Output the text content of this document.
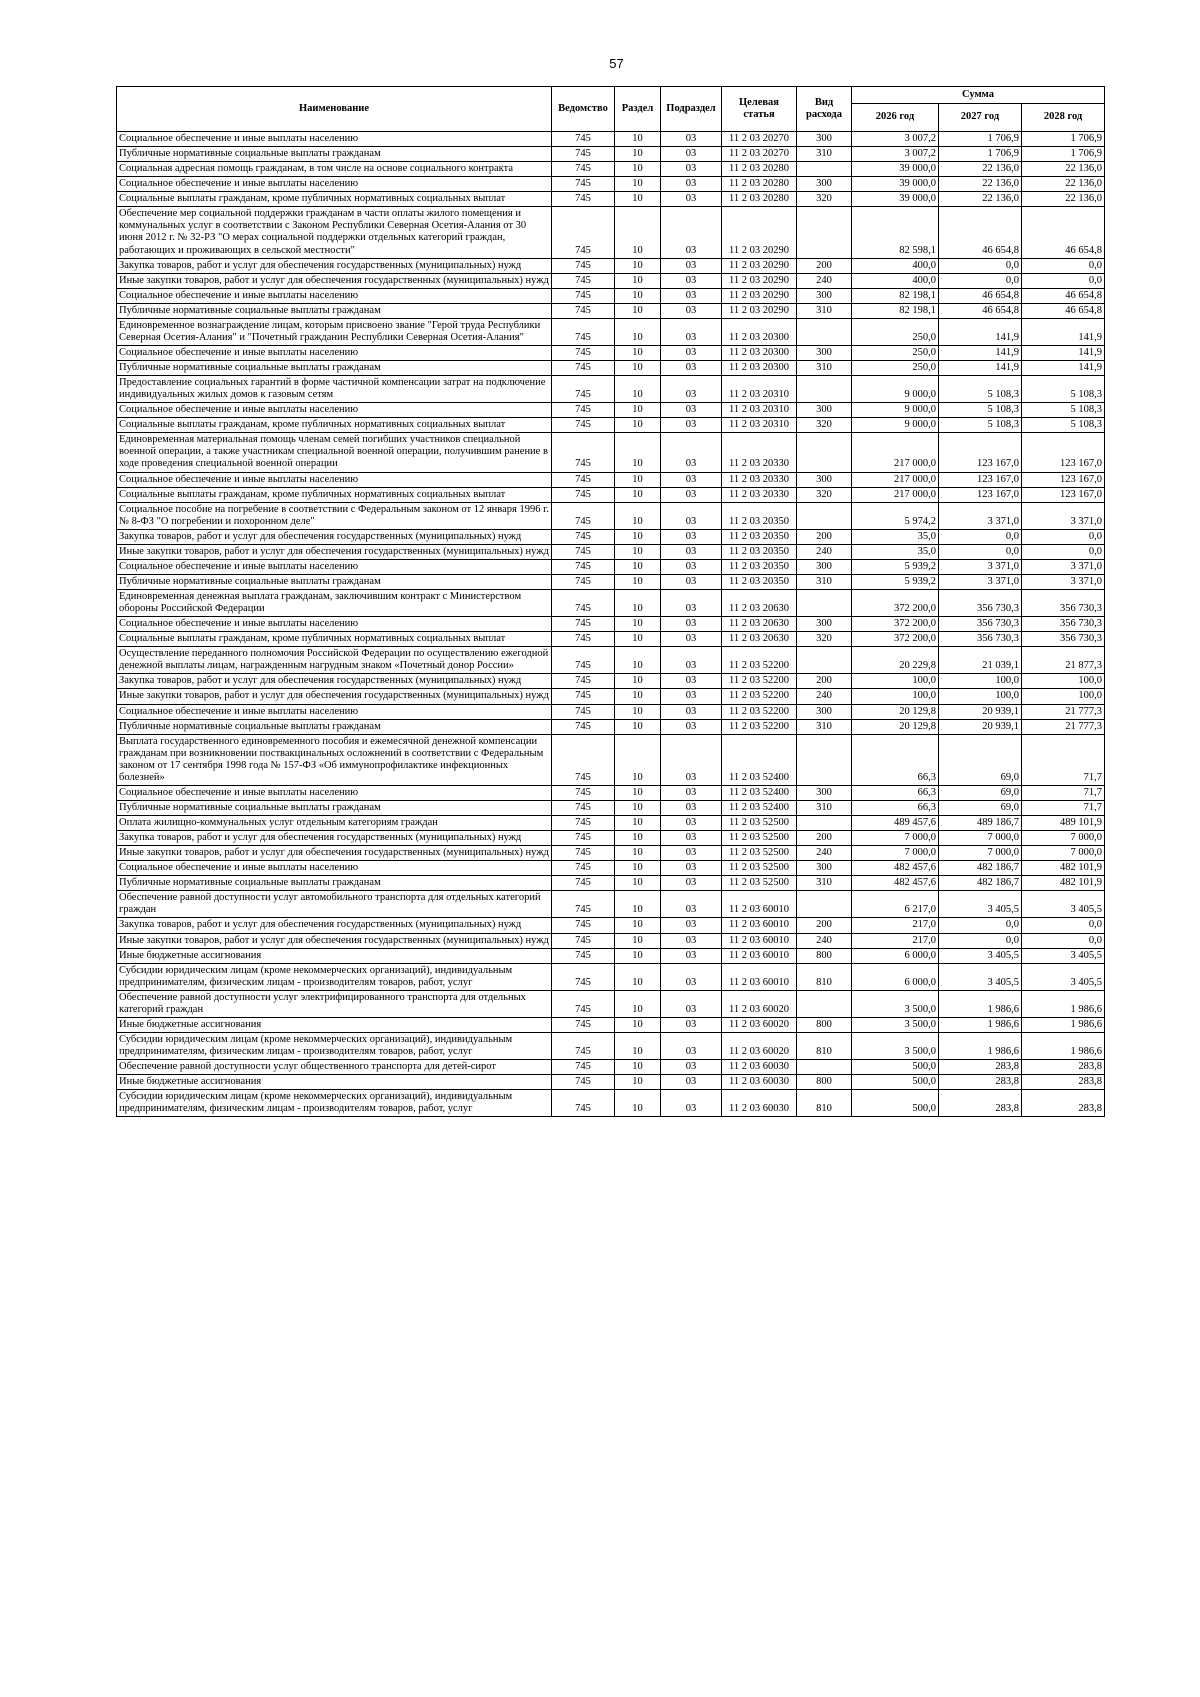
57
Наименование	Ведомство	Раздел	Подраздел	Целевая статья	Вид расхода	Сумма		
						2026 год	2027 год	2028 год
Социальное обеспечение и иные выплаты населению	745	10	03	11 2 03 20270	300	3 007,2	1 706,9	1 706,9
Публичные нормативные социальные выплаты гражданам	745	10	03	11 2 03 20270	310	3 007,2	1 706,9	1 706,9
Социальная адресная помощь гражданам, в том числе на основе социального контракта	745	10	03	11 2 03 20280		39 000,0	22 136,0	22 136,0
Социальное обеспечение и иные выплаты населению	745	10	03	11 2 03 20280	300	39 000,0	22 136,0	22 136,0
Социальные выплаты гражданам, кроме публичных нормативных социальных выплат	745	10	03	11 2 03 20280	320	39 000,0	22 136,0	22 136,0
Обеспечение мер социальной поддержки гражданам в части оплаты жилого помещения и коммунальных услуг в соответствии с Законом Республики Северная Осетия-Алания от 30 июня 2012 г. № 32-РЗ "О мерах социальной поддержки отдельных категорий граждан, работающих и проживающих в сельской местности"	745	10	03	11 2 03 20290		82 598,1	46 654,8	46 654,8
Закупка товаров, работ и услуг для обеспечения государственных (муниципальных) нужд	745	10	03	11 2 03 20290	200	400,0	0,0	0,0
Иные закупки товаров, работ и услуг для обеспечения государственных (муниципальных) нужд	745	10	03	11 2 03 20290	240	400,0	0,0	0,0
Социальное обеспечение и иные выплаты населению	745	10	03	11 2 03 20290	300	82 198,1	46 654,8	46 654,8
Публичные нормативные социальные выплаты гражданам	745	10	03	11 2 03 20290	310	82 198,1	46 654,8	46 654,8
Единовременное вознаграждение лицам, которым присвоено звание "Герой труда Республики Северная Осетия-Алания" и "Почетный гражданин Республики Северная Осетия-Алания"	745	10	03	11 2 03 20300		250,0	141,9	141,9
Социальное обеспечение и иные выплаты населению	745	10	03	11 2 03 20300	300	250,0	141,9	141,9
Публичные нормативные социальные выплаты гражданам	745	10	03	11 2 03 20300	310	250,0	141,9	141,9
Предоставление социальных гарантий в форме частичной компенсации затрат на подключение индивидуальных жилых домов к газовым сетям	745	10	03	11 2 03 20310		9 000,0	5 108,3	5 108,3
Социальное обеспечение и иные выплаты населению	745	10	03	11 2 03 20310	300	9 000,0	5 108,3	5 108,3
Социальные выплаты гражданам, кроме публичных нормативных социальных выплат	745	10	03	11 2 03 20310	320	9 000,0	5 108,3	5 108,3
Единовременная материальная помощь членам семей погибших участников специальной военной операции, а также участникам специальной военной операции, получившим ранение в ходе проведения специальной военной операции	745	10	03	11 2 03 20330		217 000,0	123 167,0	123 167,0
Социальное обеспечение и иные выплаты населению	745	10	03	11 2 03 20330	300	217 000,0	123 167,0	123 167,0
Социальные выплаты гражданам, кроме публичных нормативных социальных выплат	745	10	03	11 2 03 20330	320	217 000,0	123 167,0	123 167,0
Социальное пособие на погребение в соответствии с Федеральным законом от 12 января 1996 г. № 8-ФЗ "О погребении и похоронном деле"	745	10	03	11 2 03 20350		5 974,2	3 371,0	3 371,0
Закупка товаров, работ и услуг для обеспечения государственных (муниципальных) нужд	745	10	03	11 2 03 20350	200	35,0	0,0	0,0
Иные закупки товаров, работ и услуг для обеспечения государственных (муниципальных) нужд	745	10	03	11 2 03 20350	240	35,0	0,0	0,0
Социальное обеспечение и иные выплаты населению	745	10	03	11 2 03 20350	300	5 939,2	3 371,0	3 371,0
Публичные нормативные социальные выплаты гражданам	745	10	03	11 2 03 20350	310	5 939,2	3 371,0	3 371,0
Единовременная денежная выплата гражданам, заключившим контракт с Министерством обороны Российской Федерации	745	10	03	11 2 03 20630		372 200,0	356 730,3	356 730,3
Социальное обеспечение и иные выплаты населению	745	10	03	11 2 03 20630	300	372 200,0	356 730,3	356 730,3
Социальные выплаты гражданам, кроме публичных нормативных социальных выплат	745	10	03	11 2 03 20630	320	372 200,0	356 730,3	356 730,3
Осуществление переданного полномочия Российской Федерации по осуществлению ежегодной денежной выплаты лицам, награжденным нагрудным знаком «Почетный донор России»	745	10	03	11 2 03 52200		20 229,8	21 039,1	21 877,3
Закупка товаров, работ и услуг для обеспечения государственных (муниципальных) нужд	745	10	03	11 2 03 52200	200	100,0	100,0	100,0
Иные закупки товаров, работ и услуг для обеспечения государственных (муниципальных) нужд	745	10	03	11 2 03 52200	240	100,0	100,0	100,0
Социальное обеспечение и иные выплаты населению	745	10	03	11 2 03 52200	300	20 129,8	20 939,1	21 777,3
Публичные нормативные социальные выплаты гражданам	745	10	03	11 2 03 52200	310	20 129,8	20 939,1	21 777,3
Выплата государственного единовременного пособия и ежемесячной денежной компенсации гражданам при возникновении поствакцинальных осложнений в соответствии с Федеральным законом от 17 сентября 1998 года № 157-ФЗ «Об иммунопрофилактике инфекционных болезней»	745	10	03	11 2 03 52400		66,3	69,0	71,7
Социальное обеспечение и иные выплаты населению	745	10	03	11 2 03 52400	300	66,3	69,0	71,7
Публичные нормативные социальные выплаты гражданам	745	10	03	11 2 03 52400	310	66,3	69,0	71,7
Оплата жилищно-коммунальных услуг отдельным категориям граждан	745	10	03	11 2 03 52500		489 457,6	489 186,7	489 101,9
Закупка товаров, работ и услуг для обеспечения государственных (муниципальных) нужд	745	10	03	11 2 03 52500	200	7 000,0	7 000,0	7 000,0
Иные закупки товаров, работ и услуг для обеспечения государственных (муниципальных) нужд	745	10	03	11 2 03 52500	240	7 000,0	7 000,0	7 000,0
Социальное обеспечение и иные выплаты населению	745	10	03	11 2 03 52500	300	482 457,6	482 186,7	482 101,9
Публичные нормативные социальные выплаты гражданам	745	10	03	11 2 03 52500	310	482 457,6	482 186,7	482 101,9
Обеспечение равной доступности услуг автомобильного транспорта для отдельных категорий граждан	745	10	03	11 2 03 60010		6 217,0	3 405,5	3 405,5
Закупка товаров, работ и услуг для обеспечения государственных (муниципальных) нужд	745	10	03	11 2 03 60010	200	217,0	0,0	0,0
Иные закупки товаров, работ и услуг для обеспечения государственных (муниципальных) нужд	745	10	03	11 2 03 60010	240	217,0	0,0	0,0
Иные бюджетные ассигнования	745	10	03	11 2 03 60010	800	6 000,0	3 405,5	3 405,5
Субсидии юридическим лицам (кроме некоммерческих организаций), индивидуальным предпринимателям, физическим лицам - производителям товаров, работ, услуг	745	10	03	11 2 03 60010	810	6 000,0	3 405,5	3 405,5
Обеспечение равной доступности услуг электрифицированного транспорта для отдельных категорий граждан	745	10	03	11 2 03 60020		3 500,0	1 986,6	1 986,6
Иные бюджетные ассигнования	745	10	03	11 2 03 60020	800	3 500,0	1 986,6	1 986,6
Субсидии юридическим лицам (кроме некоммерческих организаций), индивидуальным предпринимателям, физическим лицам - производителям товаров, работ, услуг	745	10	03	11 2 03 60020	810	3 500,0	1 986,6	1 986,6
Обеспечение равной доступности услуг общественного транспорта для детей-сирот	745	10	03	11 2 03 60030		500,0	283,8	283,8
Иные бюджетные ассигнования	745	10	03	11 2 03 60030	800	500,0	283,8	283,8
Субсидии юридическим лицам (кроме некоммерческих организаций), индивидуальным предпринимателям, физическим лицам - производителям товаров, работ, услуг	745	10	03	11 2 03 60030	810	500,0	283,8	283,8
